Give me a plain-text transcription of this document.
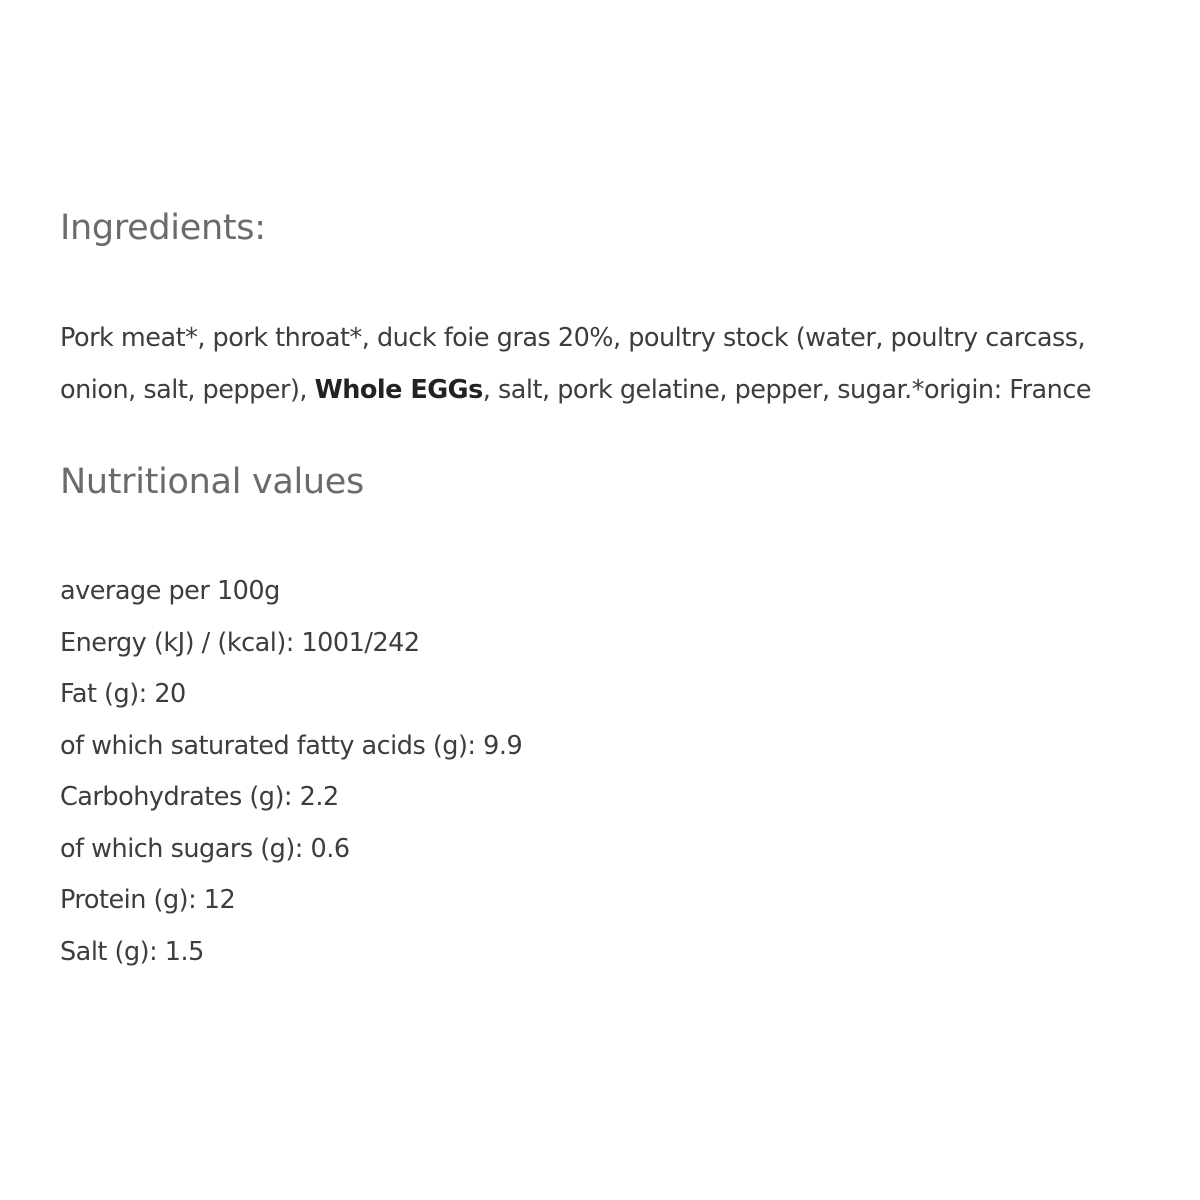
Ingredients:

Pork meat*, pork throat*, duck foie gras 20%, poultry stock (water, poultry carcass, onion, salt, pepper), Whole EGGs, salt, pork gelatine, pepper, sugar.*origin: France

Nutritional values
average per 100g
Energy (kJ) / (kcal): 1001/242
Fat (g): 20
of which saturated fatty acids (g): 9.9
Carbohydrates (g): 2.2
of which sugars (g): 0.6
Protein (g): 12
Salt (g): 1.5
